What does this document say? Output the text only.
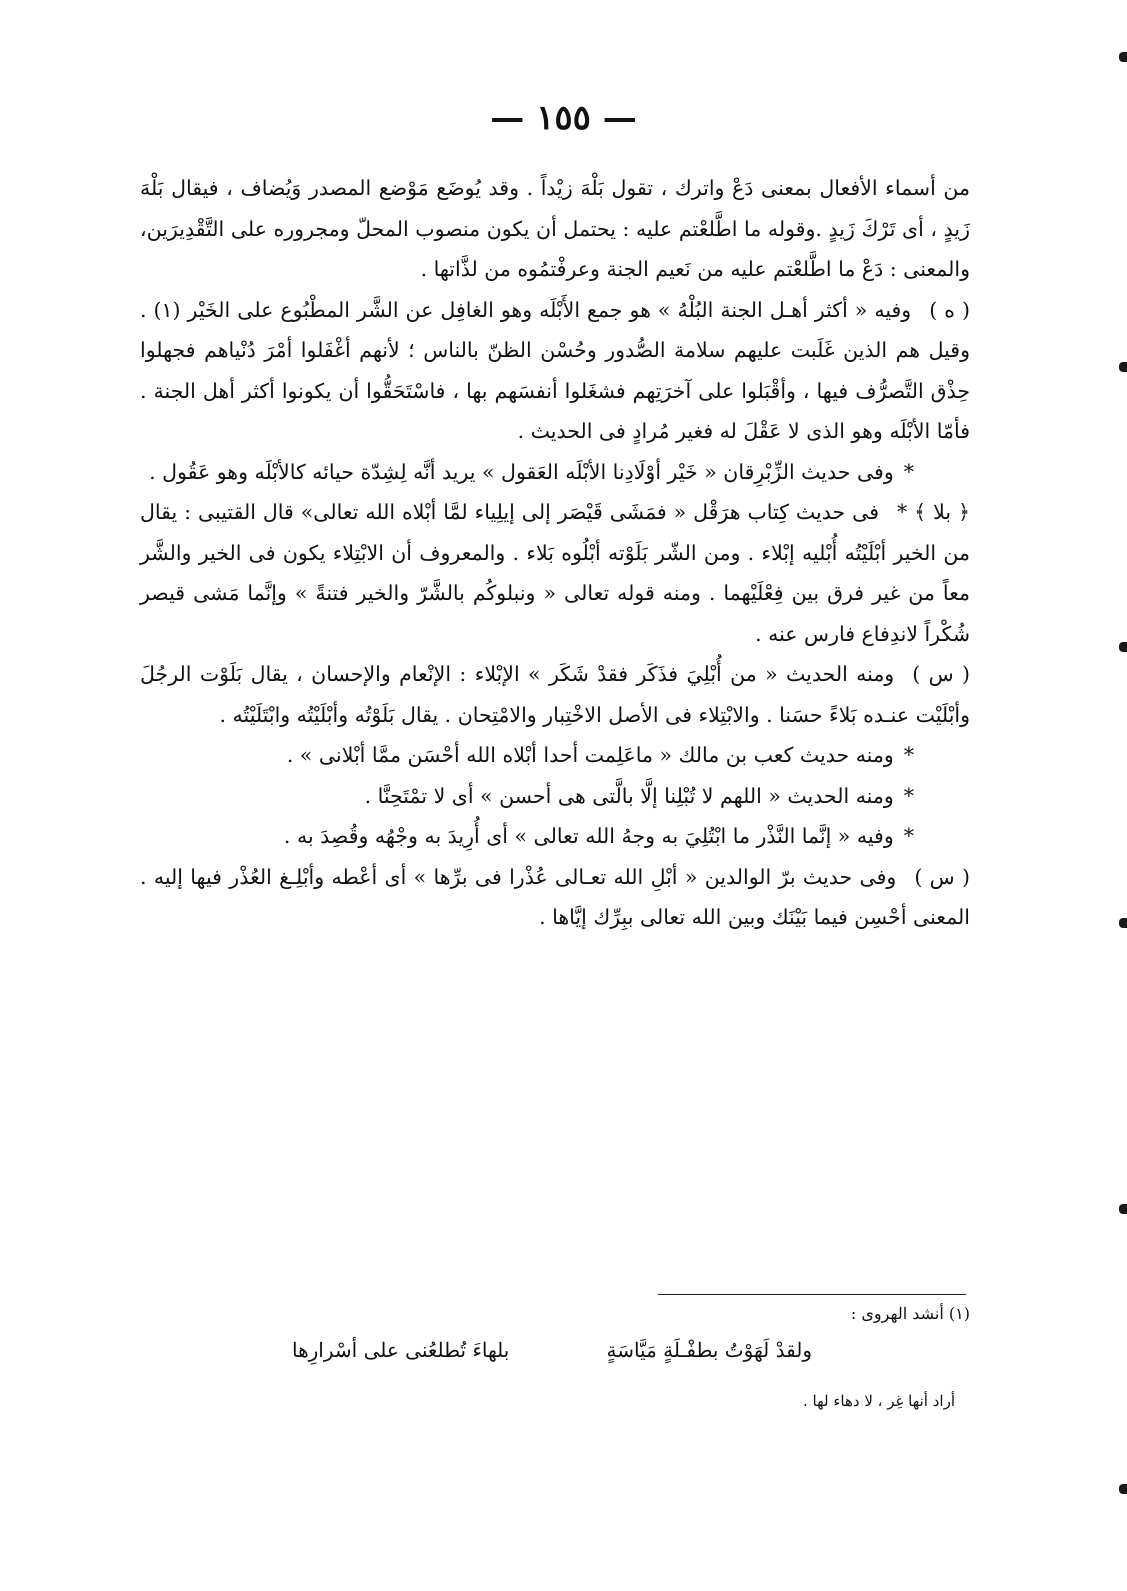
— ١٥٥ —

من أسماء الأفعال بمعنى دَعْ واترك ، تقول بَلْهَ زيْداً . وقد يُوضَع مَوْضع المصدر وَيُضاف ، فيقال بَلْهَ زَيدٍ ، أى تَرْكَ زَيدٍ .وقوله ما اطَّلعْتم عليه : يحتمل أن يكون منصوب المحلّ ومجروره على التَّقْدِيرَين، والمعنى : دَعْ ما اطَّلعْتم عليه من نَعيم الجنة وعرفْتمُوه من لذَّاتها .

( ه )وفيه « أكثر أهـل الجنة البُلْهُ » هو جمع الأَبْلَه وهو الغافِل عن الشَّر المطْبُوع على الخَيْر (١) . وقيل هم الذين غَلَبت عليهم سلامة الصُّدور وحُسْن الظنّ بالناس ؛ لأنهم أغْفَلوا أمْرَ دُنْياهم فجهلوا حِذْق التَّصرُّف فيها ، وأقْبَلوا على آخرَتِهم فشغَلوا أنفسَهم بها ، فاسْتَحَقُّوا أن يكونوا أكثر أهل الجنة . فأمّا الأبْلَه وهو الذى لا عَقْلَ له فغير مُرادٍ فى الحديث .

*وفى حديث الزِّبْرِقان « خَيْر أوْلَادِنا الأبْلَه العَقول » يريد أنَّه لِشِدّة حيائه كالأبْلَه وهو عَقُول .

﴿ بلا ﴾ *فى حديث كِتاب هرَقْل « فمَشَى قَيْصَر إلى إيلِياء لمَّا أبْلاه الله تعالى» قال القتيبى : يقال من الخير أبْلَيْتُه أُبْليه إبْلاء . ومن الشّر بَلَوْته أبْلُوه بَلاء . والمعروف أن الابْتِلاء يكون فى الخير والشَّر معاً من غير فرق بين فِعْلَيْهما . ومنه قوله تعالى « ونبلوكُم بالشَّرّ والخير فتنةً » وإنَّما مَشى قيصر شُكْراً لاندِفاع فارس عنه .

( س )ومنه الحديث « من أُبْلِيَ فذَكَر فقدْ شَكَر » الإبْلاء : الإنْعام والإحسان ، يقال بَلَوْت الرجُلَ وأبْلَيْت عنـده بَلاءً حسَنا . والابْتِلاء فى الأصل الاخْتِبار والامْتِحان . يقال بَلَوْتُه وأبْلَيْتُه وابْتَلَيْتُه .

*ومنه حديث كعب بن مالك « ماعَلِمت أحدا أبْلاه الله أحْسَن ممَّا أبْلانى » .

*ومنه الحديث « اللهم لا تُبْلِنا إلَّا بالَّتى هى أحسن » أى لا تمْتَحِنَّا .

*وفيه « إنَّما النَّذْر ما ابْتُلِيَ به وجهُ الله تعالى » أى أُرِيدَ به وجْهُه وقُصِدَ به .

( س )وفى حديث برّ الوالدين « أبْلِ الله تعـالى عُذْرا فى برِّها » أى أعْطه وأبْلِـغ العُذْر فيها إليه . المعنى أحْسِن فيما بَيْنَك وبين الله تعالى ببِرِّك إيَّاها .

(١) أنشد الهروى :
ولقدْ لَهَوْتُ بطفْـلَةٍ مَيَّاسَةٍ
بلهاءَ تُطلعُنى على أسْرارِها
أراد أنها غِر ، لا دهاء لها .
